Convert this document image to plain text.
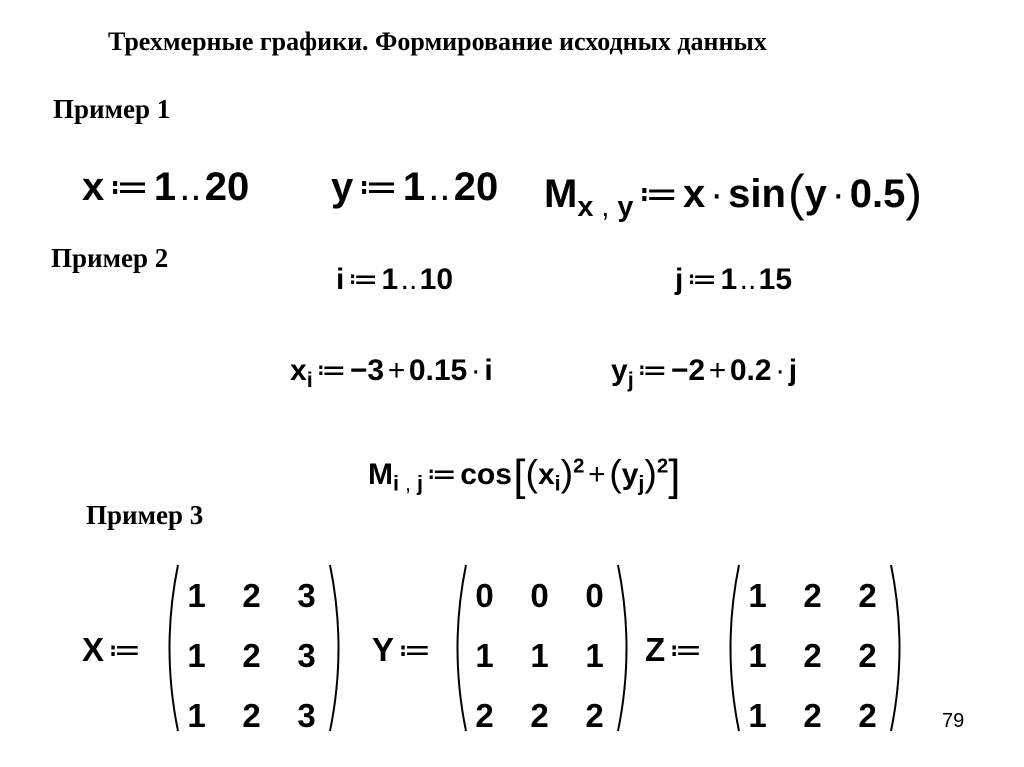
Трехмерные графики. Формирование исходных данных
Пример 1
x ≔ 1..20 y ≔ 1..20 $M_{x , y}$ ≔ x · sin(y · 0.5)
Пример 2
i ≔ 1..10	j ≔ 1..15
$x_i$ ≔ −3 + 0.15 · i	$y_j$ ≔ −2 + 0.2 · j
$M_{i , j}$ ≔ $\cos[(x_i)^2 +(y_j)^2]$
Пример 3
X ≔
1	2	3
1	2	3
1	2	3
Y ≔
0	0	0
1	1	1
2	2	2
Z ≔
1	2	2
1	2	2
1	2	2	79
